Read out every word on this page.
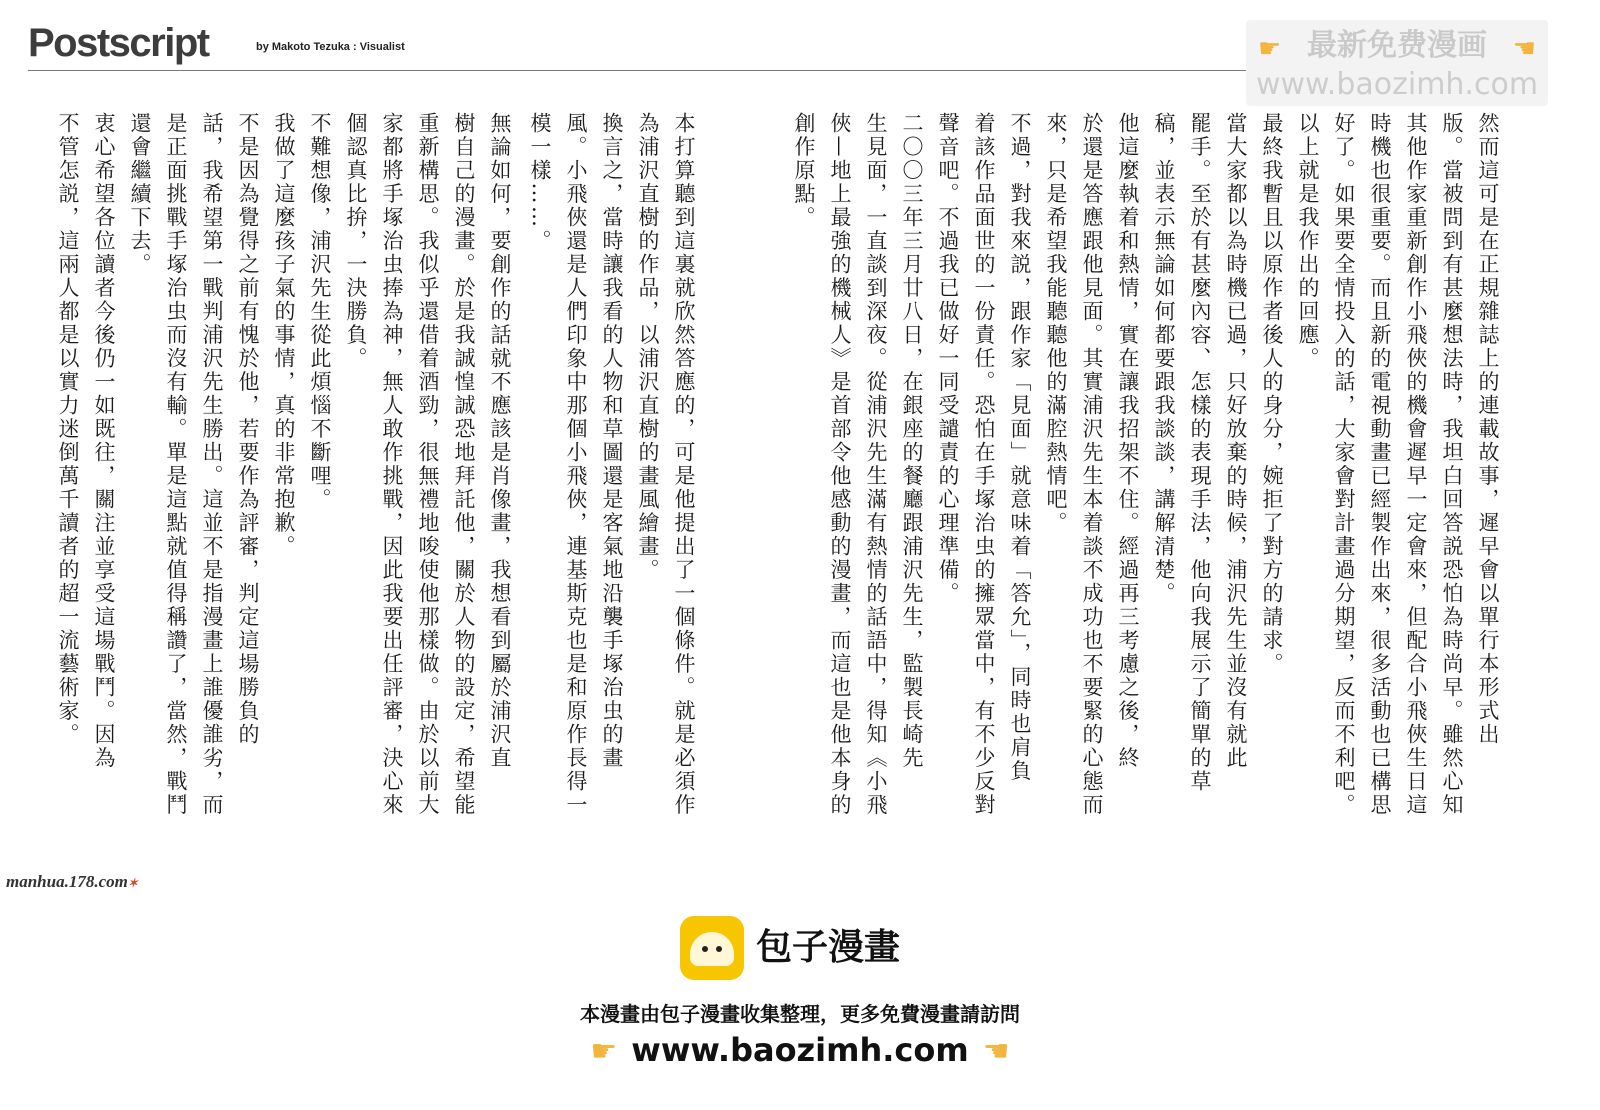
Postscript	by Makoto Tezuka : Visualist	☛ 最新免费漫画 ☚
www.baozimh.com
然而這可是在正規雜誌上的連載故事，遲早會以單行本形式出
版。當被問到有甚麼想法時，我坦白回答説恐怕為時尚早。雖然心知
其他作家重新創作小飛俠的機會遲早一定會來，但配合小飛俠生日這
時機也很重要。而且新的電視動畫已經製作出來，很多活動也已構思
好了。如果要全情投入的話，大家會對計畫過分期望，反而不利吧。
以上就是我作出的回應。
最終我暫且以原作者後人的身分，婉拒了對方的請求。
當大家都以為時機已過，只好放棄的時候，浦沢先生並沒有就此
罷手。至於有甚麼內容、怎樣的表現手法，他向我展示了簡單的草
稿，並表示無論如何都要跟我談談，講解清楚。
他這麼執着和熱情，實在讓我招架不住。經過再三考慮之後，終
於還是答應跟他見面。其實浦沢先生本着談不成功也不要緊的心態而
來，只是希望我能聽聽他的滿腔熱情吧。
不過，對我來説，跟作家「見面」就意味着「答允」，同時也肩負
着該作品面世的一份責任。恐怕在手塚治虫的擁眾當中，有不少反對
聲音吧。不過我已做好一同受譴責的心理準備。
二〇〇三年三月廿八日，在銀座的餐廳跟浦沢先生，監製長崎先
生見面，一直談到深夜。從浦沢先生滿有熱情的話語中，得知《小飛
俠—地上最強的機械人》是首部令他感動的漫畫，而這也是他本身的
創作原點。
本打算聽到這裏就欣然答應的，可是他提出了一個條件。就是必須作
為浦沢直樹的作品，以浦沢直樹的畫風繪畫。
換言之，當時讓我看的人物和草圖還是客氣地沿襲手塚治虫的畫
風。小飛俠還是人們印象中那個小飛俠，連基斯克也是和原作長得一
模一樣……。
無論如何，要創作的話就不應該是肖像畫，我想看到屬於浦沢直
樹自己的漫畫。於是我誠惶誠恐地拜託他，關於人物的設定，希望能
重新構思。我似乎還借着酒勁，很無禮地唆使他那樣做。由於以前大
家都將手塚治虫捧為神，無人敢作挑戰，因此我要出任評審，決心來
個認真比拚，一決勝負。
不難想像，浦沢先生從此煩惱不斷哩。
我做了這麼孩子氣的事情，真的非常抱歉。
不是因為覺得之前有愧於他，若要作為評審，判定這場勝負的
話，我希望第一戰判浦沢先生勝出。這並不是指漫畫上誰優誰劣，而
是正面挑戰手塚治虫而沒有輸。單是這點就值得稱讚了，當然，戰鬥
還會繼續下去。
衷心希望各位讀者今後仍一如既往，關注並享受這場戰鬥。因為
不管怎説，這兩人都是以實力迷倒萬千讀者的超一流藝術家。
manhua.178.com✶
包子漫畫
本漫畫由包子漫畫收集整理，更多免費漫畫請訪問
☛ www.baozimh.com ☚
